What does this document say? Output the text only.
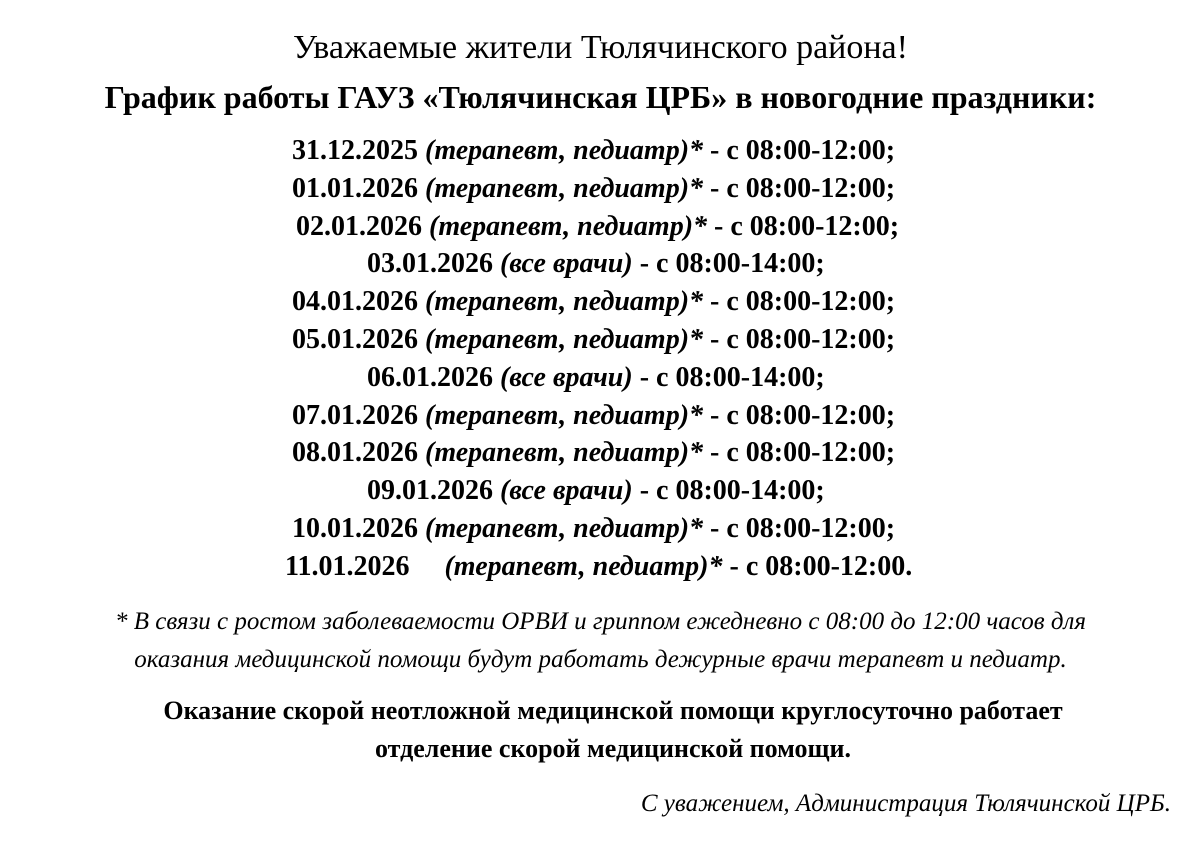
Уважаемые жители Тюлячинского района!
График работы ГАУЗ «Тюлячинская ЦРБ» в новогодние праздники:
31.12.2025 (терапевт, педиатр)* - с 08:00-12:00;
01.01.2026 (терапевт, педиатр)* - с 08:00-12:00;
02.01.2026 (терапевт, педиатр)* - с 08:00-12:00;
03.01.2026 (все врачи) - с 08:00-14:00;
04.01.2026 (терапевт, педиатр)* - с 08:00-12:00;
05.01.2026 (терапевт, педиатр)* - с 08:00-12:00;
06.01.2026 (все врачи) - с 08:00-14:00;
07.01.2026 (терапевт, педиатр)* - с 08:00-12:00;
08.01.2026 (терапевт, педиатр)* - с 08:00-12:00;
09.01.2026 (все врачи) - с 08:00-14:00;
10.01.2026 (терапевт, педиатр)* - с 08:00-12:00;
11.01.2026  (терапевт, педиатр)* - с 08:00-12:00.
* В связи с ростом заболеваемости ОРВИ и гриппом ежедневно с 08:00 до 12:00 часов для
оказания медицинской помощи будут работать дежурные врачи терапевт и педиатр.
Оказание скорой неотложной медицинской помощи круглосуточно работает
отделение скорой медицинской помощи.
С уважением, Администрация Тюлячинской ЦРБ.
